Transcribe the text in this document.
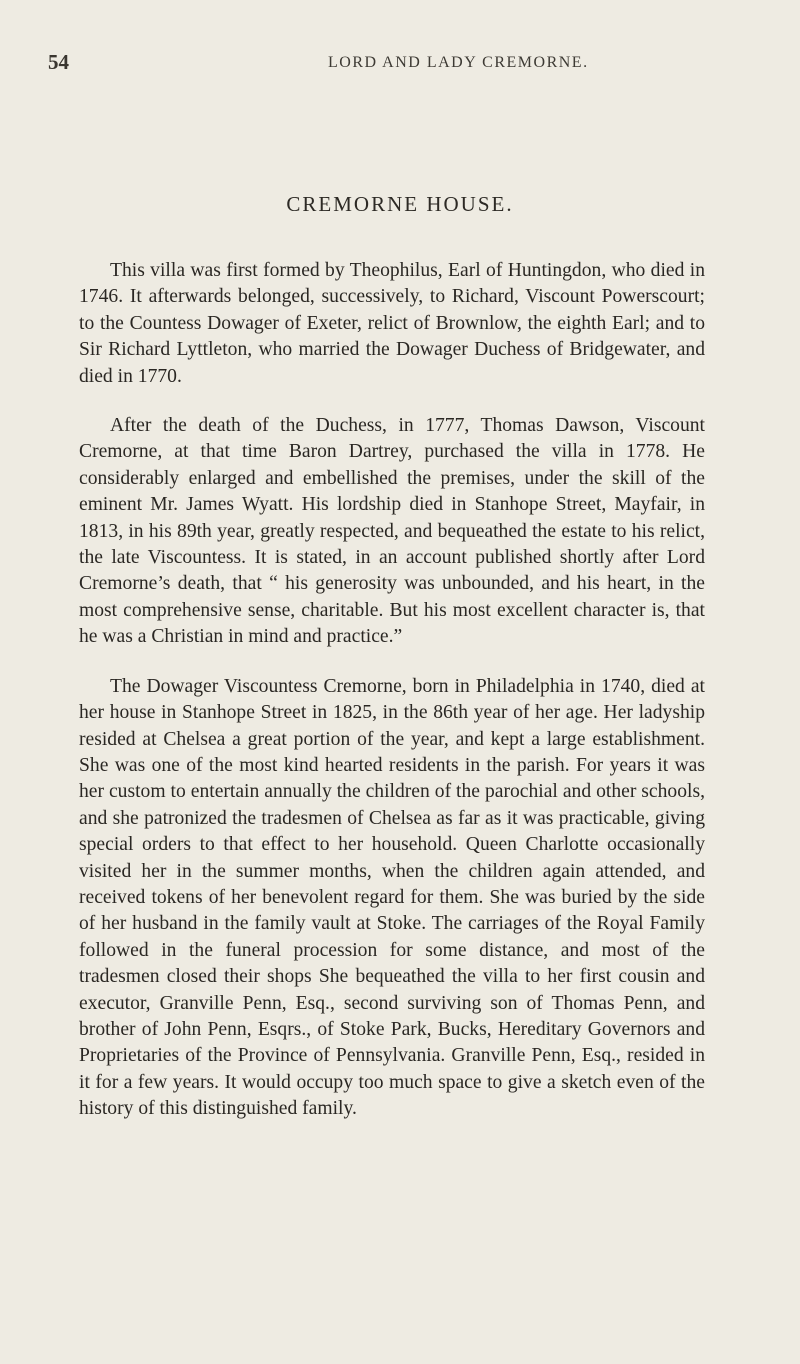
54	LORD AND LADY CREMORNE.
CREMORNE HOUSE.

This villa was first formed by Theophilus, Earl of Huntingdon, who died in 1746. It afterwards belonged, successively, to Richard, Viscount Powerscourt; to the Countess Dowager of Exeter, relict of Brownlow, the eighth Earl; and to Sir Richard Lyttleton, who married the Dowager Duchess of Bridgewater, and died in 1770.

After the death of the Duchess, in 1777, Thomas Dawson, Viscount Cremorne, at that time Baron Dartrey, purchased the villa in 1778. He considerably enlarged and embellished the premises, under the skill of the eminent Mr. James Wyatt. His lordship died in Stanhope Street, Mayfair, in 1813, in his 89th year, greatly respected, and bequeathed the estate to his relict, the late Viscountess. It is stated, in an account published shortly after Lord Cremorne’s death, that “ his generosity was unbounded, and his heart, in the most comprehensive sense, charitable. But his most excellent character is, that he was a Christian in mind and practice.”

The Dowager Viscountess Cremorne, born in Philadelphia in 1740, died at her house in Stanhope Street in 1825, in the 86th year of her age. Her ladyship resided at Chelsea a great portion of the year, and kept a large establishment. She was one of the most kind hearted residents in the parish. For years it was her custom to entertain annually the children of the parochial and other schools, and she patronized the tradesmen of Chelsea as far as it was practicable, giving special orders to that effect to her household. Queen Charlotte occasionally visited her in the summer months, when the children again attended, and received tokens of her benevolent regard for them. She was buried by the side of her husband in the family vault at Stoke. The carriages of the Royal Family followed in the funeral procession for some distance, and most of the tradesmen closed their shops She bequeathed the villa to her first cousin and executor, Granville Penn, Esq., second surviving son of Thomas Penn, and brother of John Penn, Esqrs., of Stoke Park, Bucks, Hereditary Governors and Proprietaries of the Province of Pennsylvania. Granville Penn, Esq., resided in it for a few years. It would occupy too much space to give a sketch even of the history of this distinguished family.
